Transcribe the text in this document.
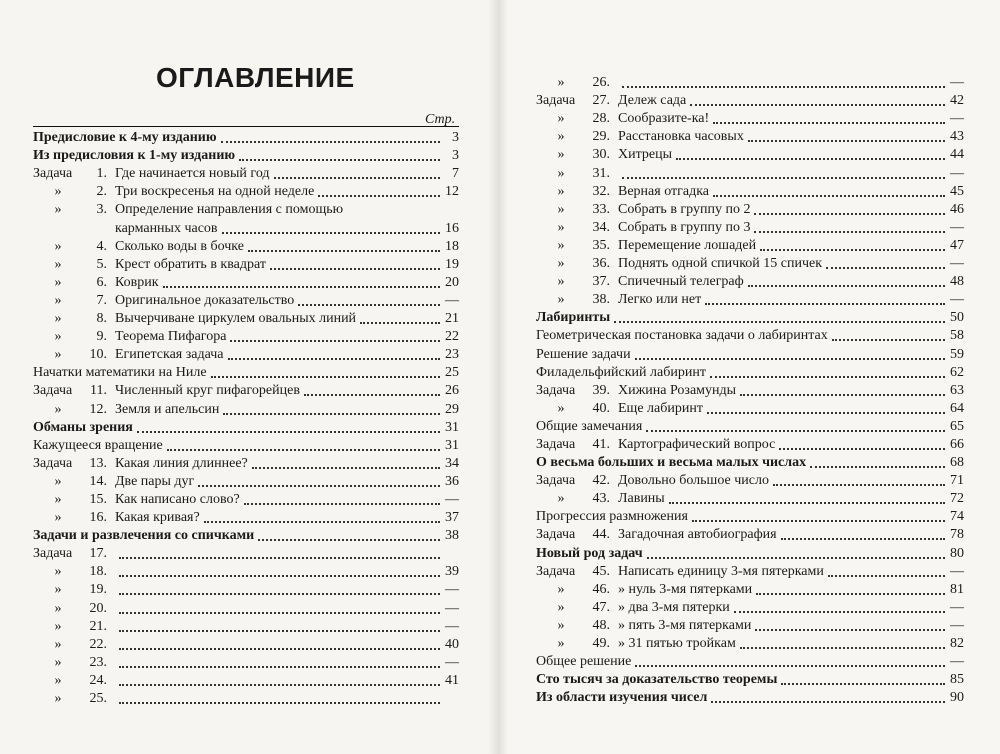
ОГЛАВЛЕНИЕ
Стр.
Предисловие к 4-му изданию	3
Из предисловия к 1-му изданию	3
Задача	1. Где начинается новый год	7
»	2. Три воскресенья на одной неделе	12
»	3. Определение направления с помощью
карманных часов	16
»	4. Сколько воды в бочке	18
»	5. Крест обратить в квадрат	19
»	6. Коврик	20
»	7. Оригинальное доказательство	—
»	8. Вычерчиване циркулем овальных линий	21
»	9. Теорема Пифагора	22
»	10. Египетская задача	23
Начатки математики на Ниле	25
Задача	11. Численный круг пифагорейцев	26
»	12. Земля и апельсин	29
Обманы зрения	31
Кажущееся вращение	31
Задача	13. Какая линия длиннее?	34
»	14. Две пары дуг	36
»	15. Как написано слово?	—
»	16. Какая кривая?	37
Задачи и развлечения со спичками	38
Задача	17.
»	18.	39
»	19.	—
»	20.	—
»	21.	—
»	22.	40
»	23.	—
»	24.	41
»	25.
»	26.	—
Задача	27. Дележ сада	42
»	28. Сообразите-ка!	—
»	29. Расстановка часовых	43
»	30. Хитрецы	44
»	31.	—
»	32. Верная отгадка	45
»	33. Собрать в группу по 2	46
»	34. Собрать в группу по 3	—
»	35. Перемещение лошадей	47
»	36. Поднять одной спичкой 15 спичек	—
»	37. Спичечный телеграф	48
»	38. Легко или нет	—
Лабиринты	50
Геометрическая постановка задачи о лабиринтах	58
Решение задачи	59
Филадельфийский лабиринт	62
Задача	39. Хижина Розамунды	63
»	40. Еще лабиринт	64
Общие замечания	65
Задача	41. Картографический вопрос	66
О весьма больших и весьма малых числах	68
Задача	42. Довольно большое число	71
»	43. Лавины	72
Прогрессия размножения	74
Задача	44. Загадочная автобиография	78
Новый род задач	80
Задача	45. Написать единицу 3-мя пятерками	—
»	46. » нуль 3-мя пятерками	81
»	47. » два 3-мя пятерки	—
»	48. » пять 3-мя пятерками	—
»	49. » 31 пятью тройкам	82
Общее решение	—
Сто тысяч за доказательство теоремы	85
Из области изучения чисел	90
